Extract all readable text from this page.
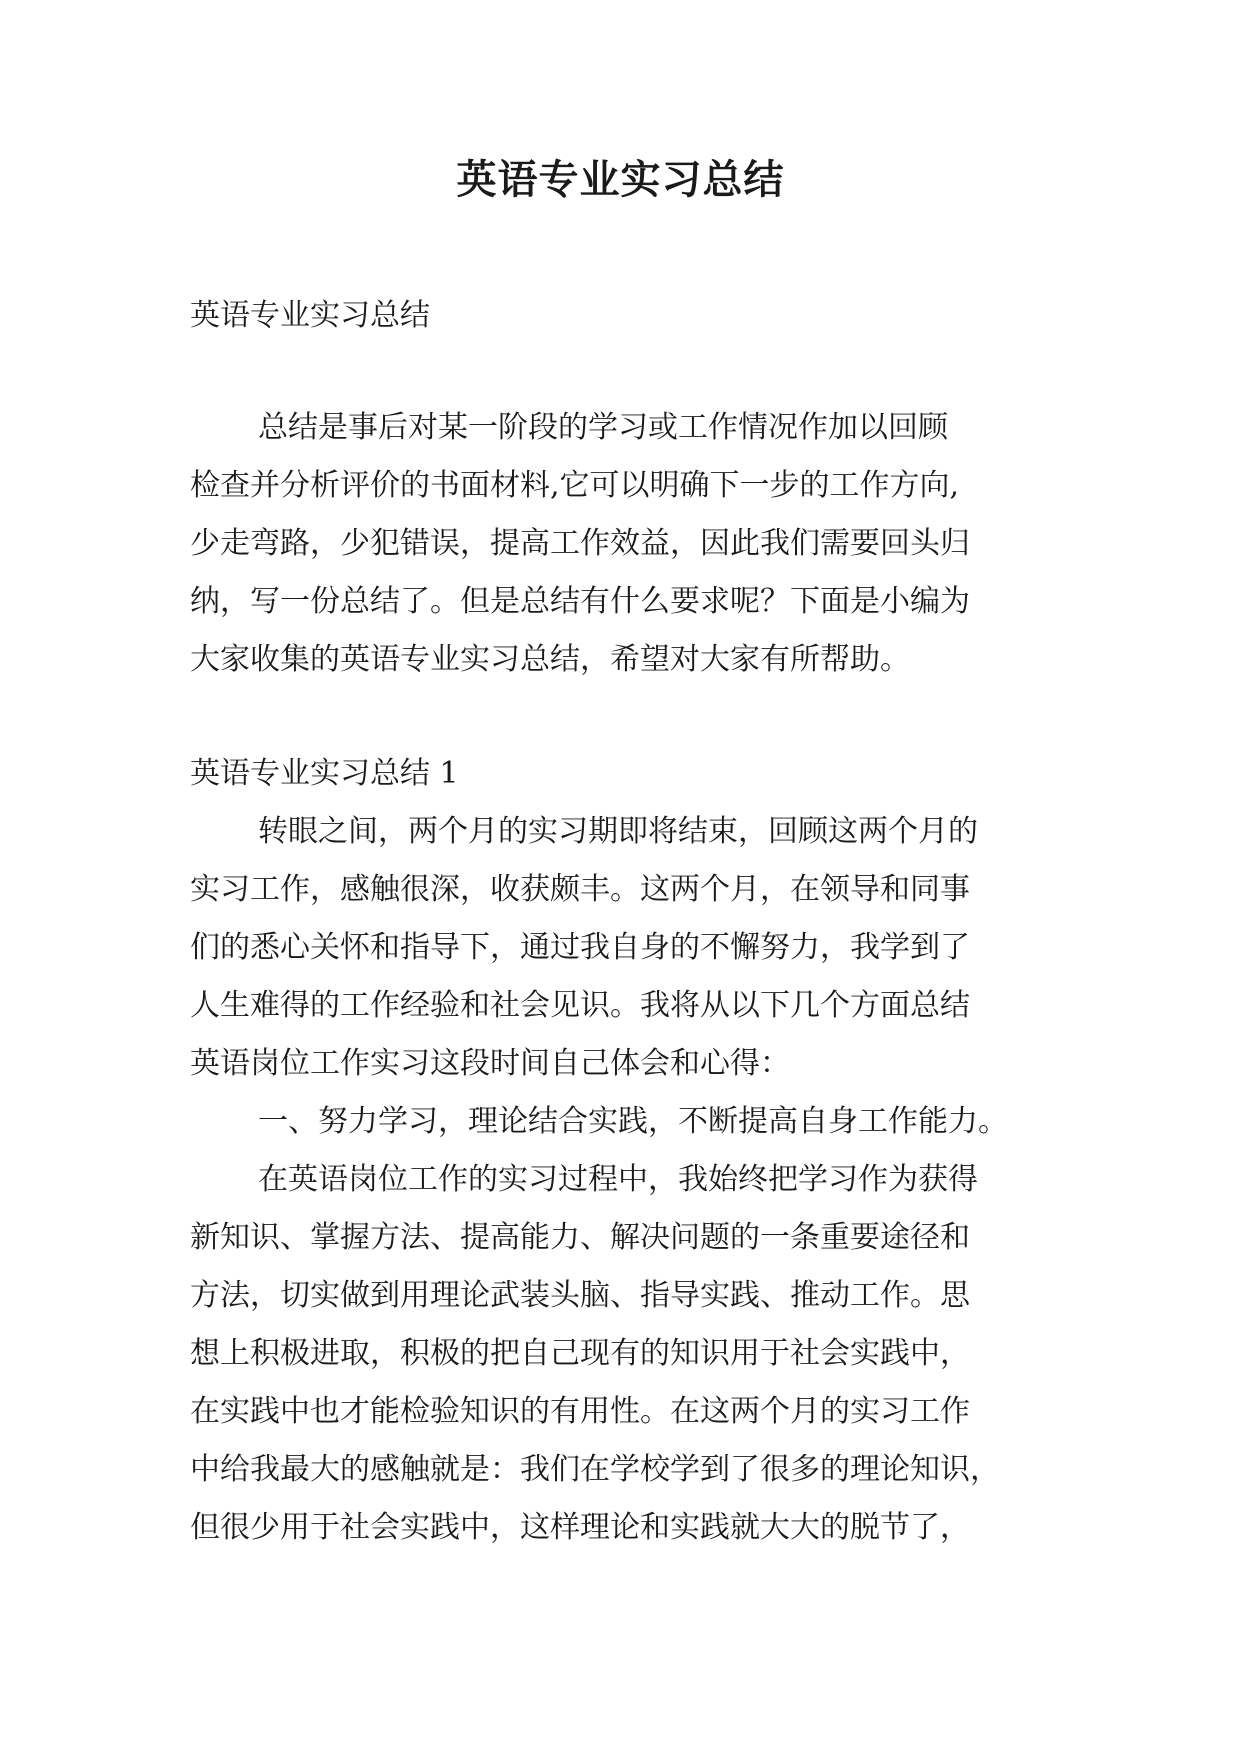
英语专业实习总结
英语专业实习总结
总结是事后对某一阶段的学习或工作情况作加以回顾
检查并分析评价的书面材料,它可以明确下一步的工作方向,
少走弯路，少犯错误，提高工作效益，因此我们需要回头归
纳，写一份总结了。但是总结有什么要求呢？下面是小编为
大家收集的英语专业实习总结，希望对大家有所帮助。
英语专业实习总结 1
转眼之间，两个月的实习期即将结束，回顾这两个月的
实习工作，感触很深，收获颇丰。这两个月，在领导和同事
们的悉心关怀和指导下，通过我自身的不懈努力，我学到了
人生难得的工作经验和社会见识。我将从以下几个方面总结
英语岗位工作实习这段时间自己体会和心得：
一、努力学习，理论结合实践，不断提高自身工作能力。
在英语岗位工作的实习过程中，我始终把学习作为获得
新知识、掌握方法、提高能力、解决问题的一条重要途径和
方法，切实做到用理论武装头脑、指导实践、推动工作。思
想上积极进取，积极的把自己现有的知识用于社会实践中，
在实践中也才能检验知识的有用性。在这两个月的实习工作
中给我最大的感触就是：我们在学校学到了很多的理论知识，
但很少用于社会实践中，这样理论和实践就大大的脱节了，
